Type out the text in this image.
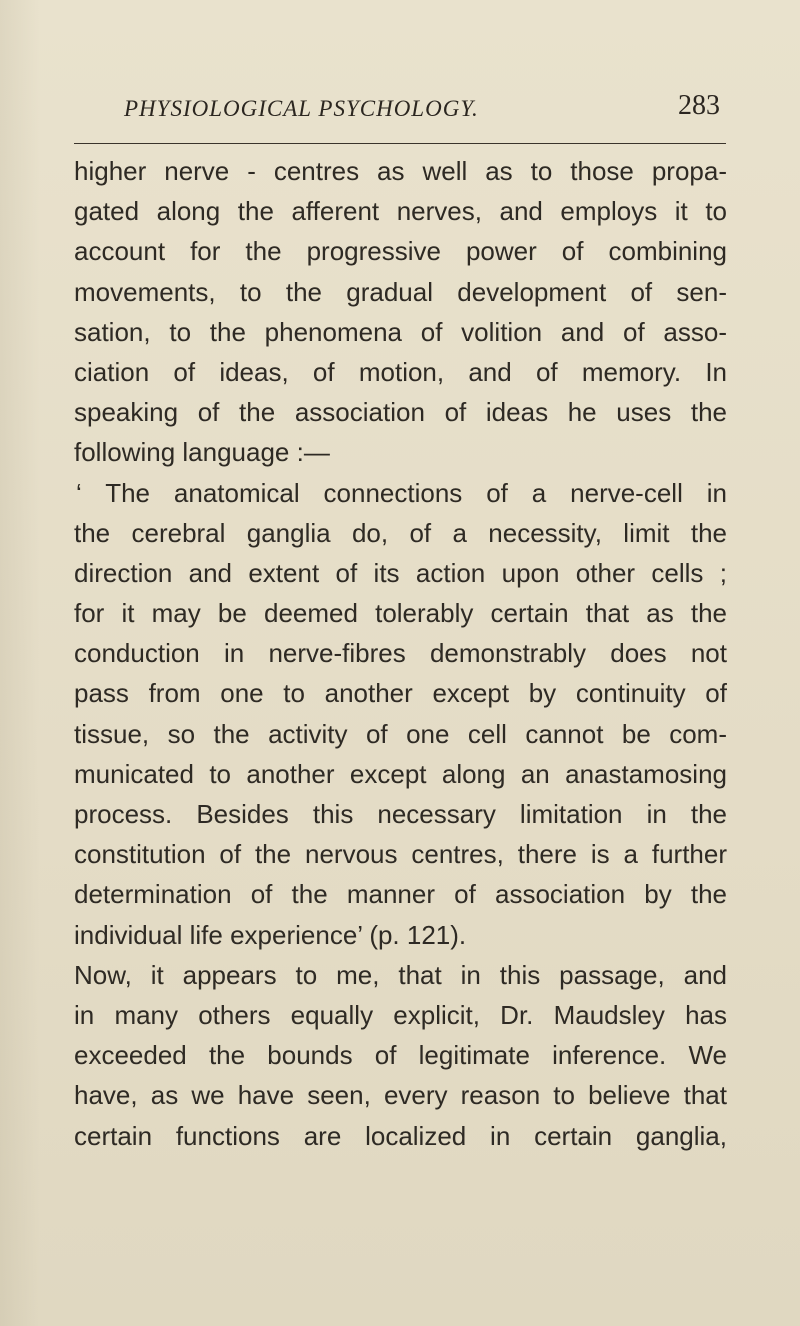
PHYSIOLOGICAL PSYCHOLOGY.	283
higher nerve - centres as well as to those propa-
gated along the afferent nerves, and employs it to
account for the progressive power of combining
movements, to the gradual development of sen-
sation, to the phenomena of volition and of asso-
ciation of ideas, of motion, and of memory. In
speaking of the association of ideas he uses the
following language :—
‘ The anatomical connections of a nerve-cell in
the cerebral ganglia do, of a necessity, limit the
direction and extent of its action upon other cells ;
for it may be deemed tolerably certain that as the
conduction in nerve-fibres demonstrably does not
pass from one to another except by continuity of
tissue, so the activity of one cell cannot be com-
municated to another except along an anastamosing
process. Besides this necessary limitation in the
constitution of the nervous centres, there is a further
determination of the manner of association by the
individual life experience’ (p. 121).
Now, it appears to me, that in this passage, and
in many others equally explicit, Dr. Maudsley has
exceeded the bounds of legitimate inference. We
have, as we have seen, every reason to believe that
certain functions are localized in certain ganglia,
